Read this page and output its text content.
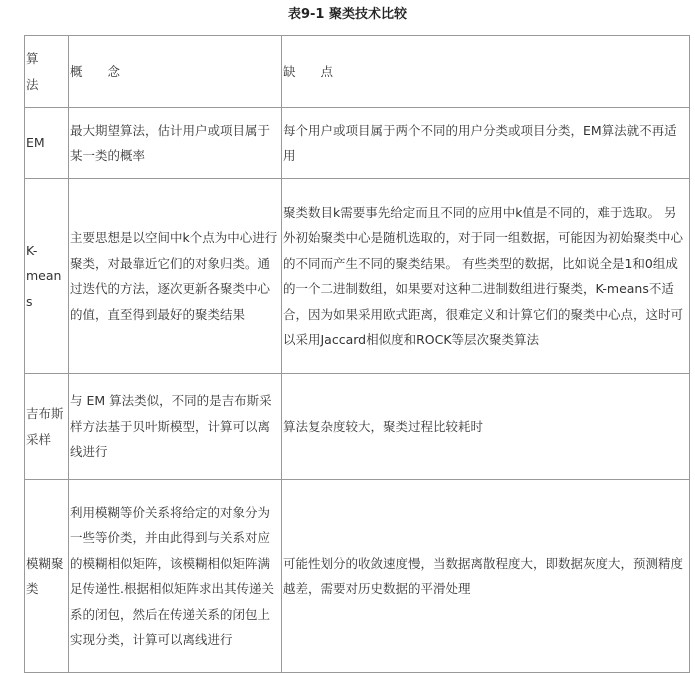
表9-1 聚类技术比较
算
法	概　　念	缺　　点
EM	最大期望算法，估计用户或项目属于某一类的概率	每个用户或项目属于两个不同的用户分类或项目分类，EM算法就不再适用
K-
means	主要思想是以空间中k个点为中心进行聚类，对最靠近它们的对象归类。通过迭代的方法，逐次更新各聚类中心的值，直至得到最好的聚类结果	聚类数目k需要事先给定而且不同的应用中k值是不同的，难于选取。 另外初始聚类中心是随机选取的，对于同一组数据，可能因为初始聚类中心的不同而产生不同的聚类结果。 有些类型的数据，比如说全是1和0组成的一个二进制数组，如果要对这种二进制数组进行聚类，K-means不适合，因为如果采用欧式距离，很难定义和计算它们的聚类中心点，这时可以采用Jaccard相似度和ROCK等层次聚类算法
吉布斯
采样	与 EM 算法类似，不同的是吉布斯采样方法基于贝叶斯模型，计算可以离线进行	算法复杂度较大，聚类过程比较耗时
模糊聚
类	利用模糊等价关系将给定的对象分为一些等价类，并由此得到与关系对应的模糊相似矩阵，该模糊相似矩阵满足传递性.根据相似矩阵求出其传递关系的闭包，然后在传递关系的闭包上实现分类，计算可以离线进行	可能性划分的收敛速度慢，当数据离散程度大，即数据灰度大，预测精度越差，需要对历史数据的平滑处理
